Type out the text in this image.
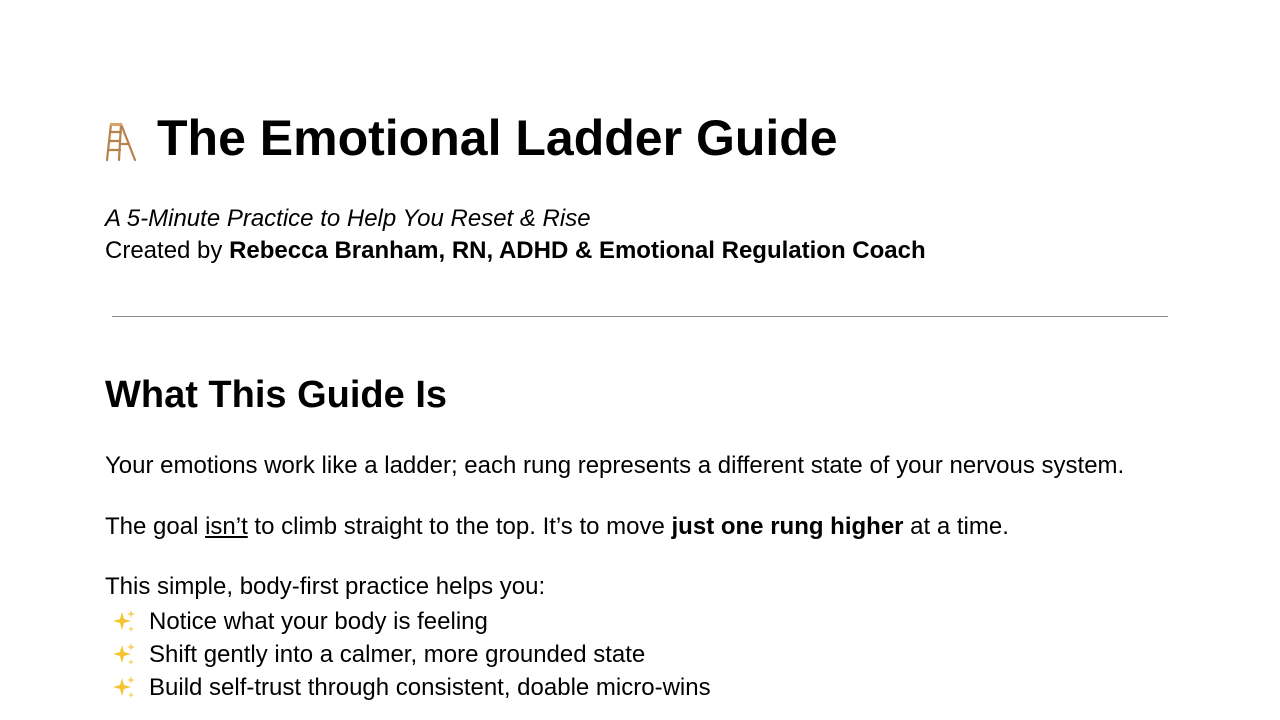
The Emotional Ladder Guide
A 5-Minute Practice to Help You Reset & Rise
Created by Rebecca Branham, RN, ADHD & Emotional Regulation Coach
What This Guide Is
Your emotions work like a ladder; each rung represents a different state of your nervous system.
The goal isn’t to climb straight to the top. It’s to move just one rung higher at a time.
This simple, body-first practice helps you:
Notice what your body is feeling
Shift gently into a calmer, more grounded state
Build self-trust through consistent, doable micro-wins
